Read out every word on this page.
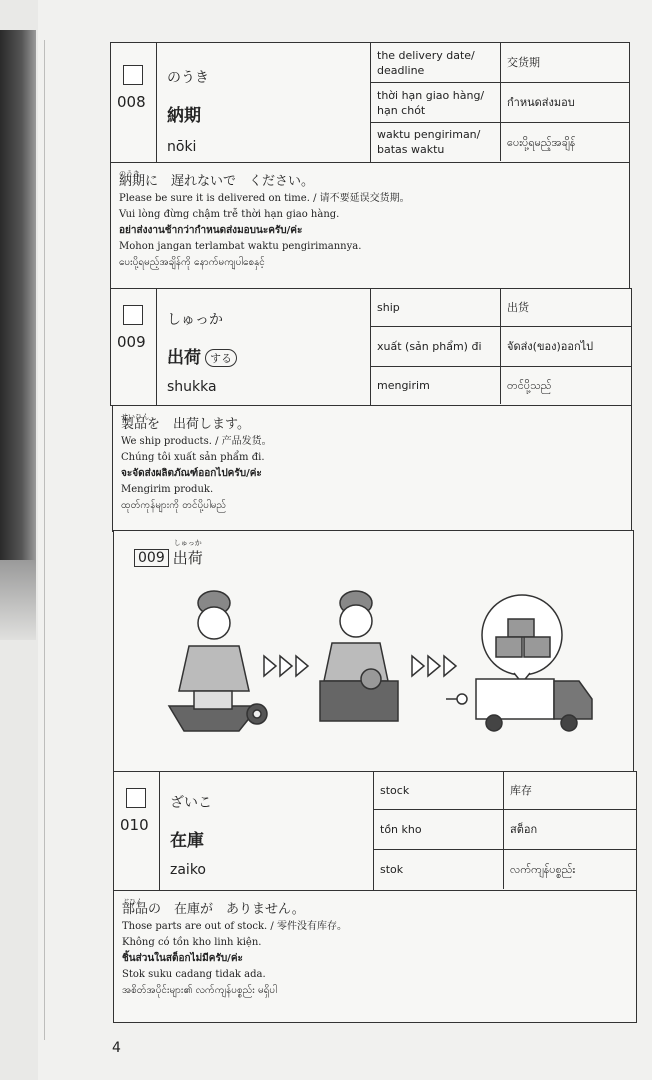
008
のうき
納期
nōki
the delivery date/ deadline
交货期
thời hạn giao hàng/ hạn chót
กำหนดส่งมอบ
waktu pengiriman/ batas waktu
ပေးပို့ရမည့်အချိန်
納期に　遅れないで　ください。
Please be sure it is delivered on time. / 请不要延误交货期。
Vui lòng đừng chậm trễ thời hạn giao hàng.
อย่าส่งงานช้ากว่ากำหนดส่งมอบนะครับ/ค่ะ
Mohon jangan terlambat waktu pengirimannya.
ပေးပို့ရမည့်အချိန်ကို နောက်မကျပါစေနှင့်
009
しゅっか
出荷 する
shukka
ship	出货
xuất (sản phẩm) đi	จัดส่ง(ของ)ออกไป
mengirim	တင်ပို့သည်
製品を　出荷します。
We ship products. / 产品发货。
Chúng tôi xuất sản phẩm đi.
จะจัดส่งผลิตภัณฑ์ออกไปครับ/ค่ะ
Mengirim produk.
ထုတ်ကုန်များကို တင်ပို့ပါမည်
009
しゅっか 出荷
010
ざいこ
在庫
zaiko
stock	库存
tồn kho	สต็อก
stok	လက်ကျန်ပစ္စည်း
部品の　在庫が　ありません。
Those parts are out of stock. / 零件没有库存。
Không có tồn kho linh kiện.
ชิ้นส่วนในสต็อกไม่มีครับ/ค่ะ
Stok suku cadang tidak ada.
အစိတ်အပိုင်းများ၏ လက်ကျန်ပစ္စည်း မရှိပါ
4
